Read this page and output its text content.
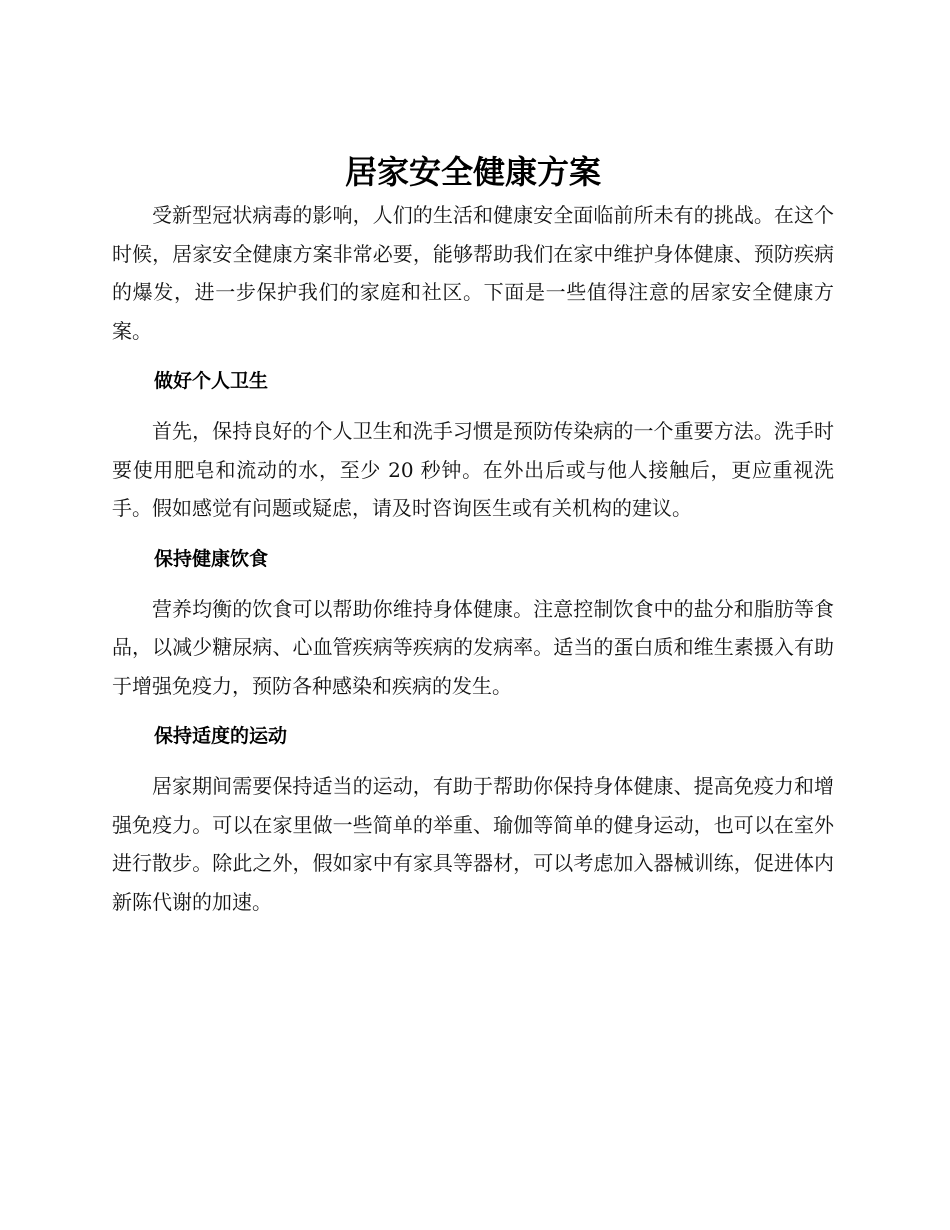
居家安全健康方案

受新型冠状病毒的影响，人们的生活和健康安全面临前所未有的挑战。在这个时候，居家安全健康方案非常必要，能够帮助我们在家中维护身体健康、预防疾病的爆发，进一步保护我们的家庭和社区。下面是一些值得注意的居家安全健康方案。

做好个人卫生

首先，保持良好的个人卫生和洗手习惯是预防传染病的一个重要方法。洗手时要使用肥皂和流动的水，至少 20 秒钟。在外出后或与他人接触后，更应重视洗手。假如感觉有问题或疑虑，请及时咨询医生或有关机构的建议。

保持健康饮食

营养均衡的饮食可以帮助你维持身体健康。注意控制饮食中的盐分和脂肪等食品，以减少糖尿病、心血管疾病等疾病的发病率。适当的蛋白质和维生素摄入有助于增强免疫力，预防各种感染和疾病的发生。

保持适度的运动

居家期间需要保持适当的运动，有助于帮助你保持身体健康、提高免疫力和增强免疫力。可以在家里做一些简单的举重、瑜伽等简单的健身运动，也可以在室外进行散步。除此之外，假如家中有家具等器材，可以考虑加入器械训练，促进体内新陈代谢的加速。
